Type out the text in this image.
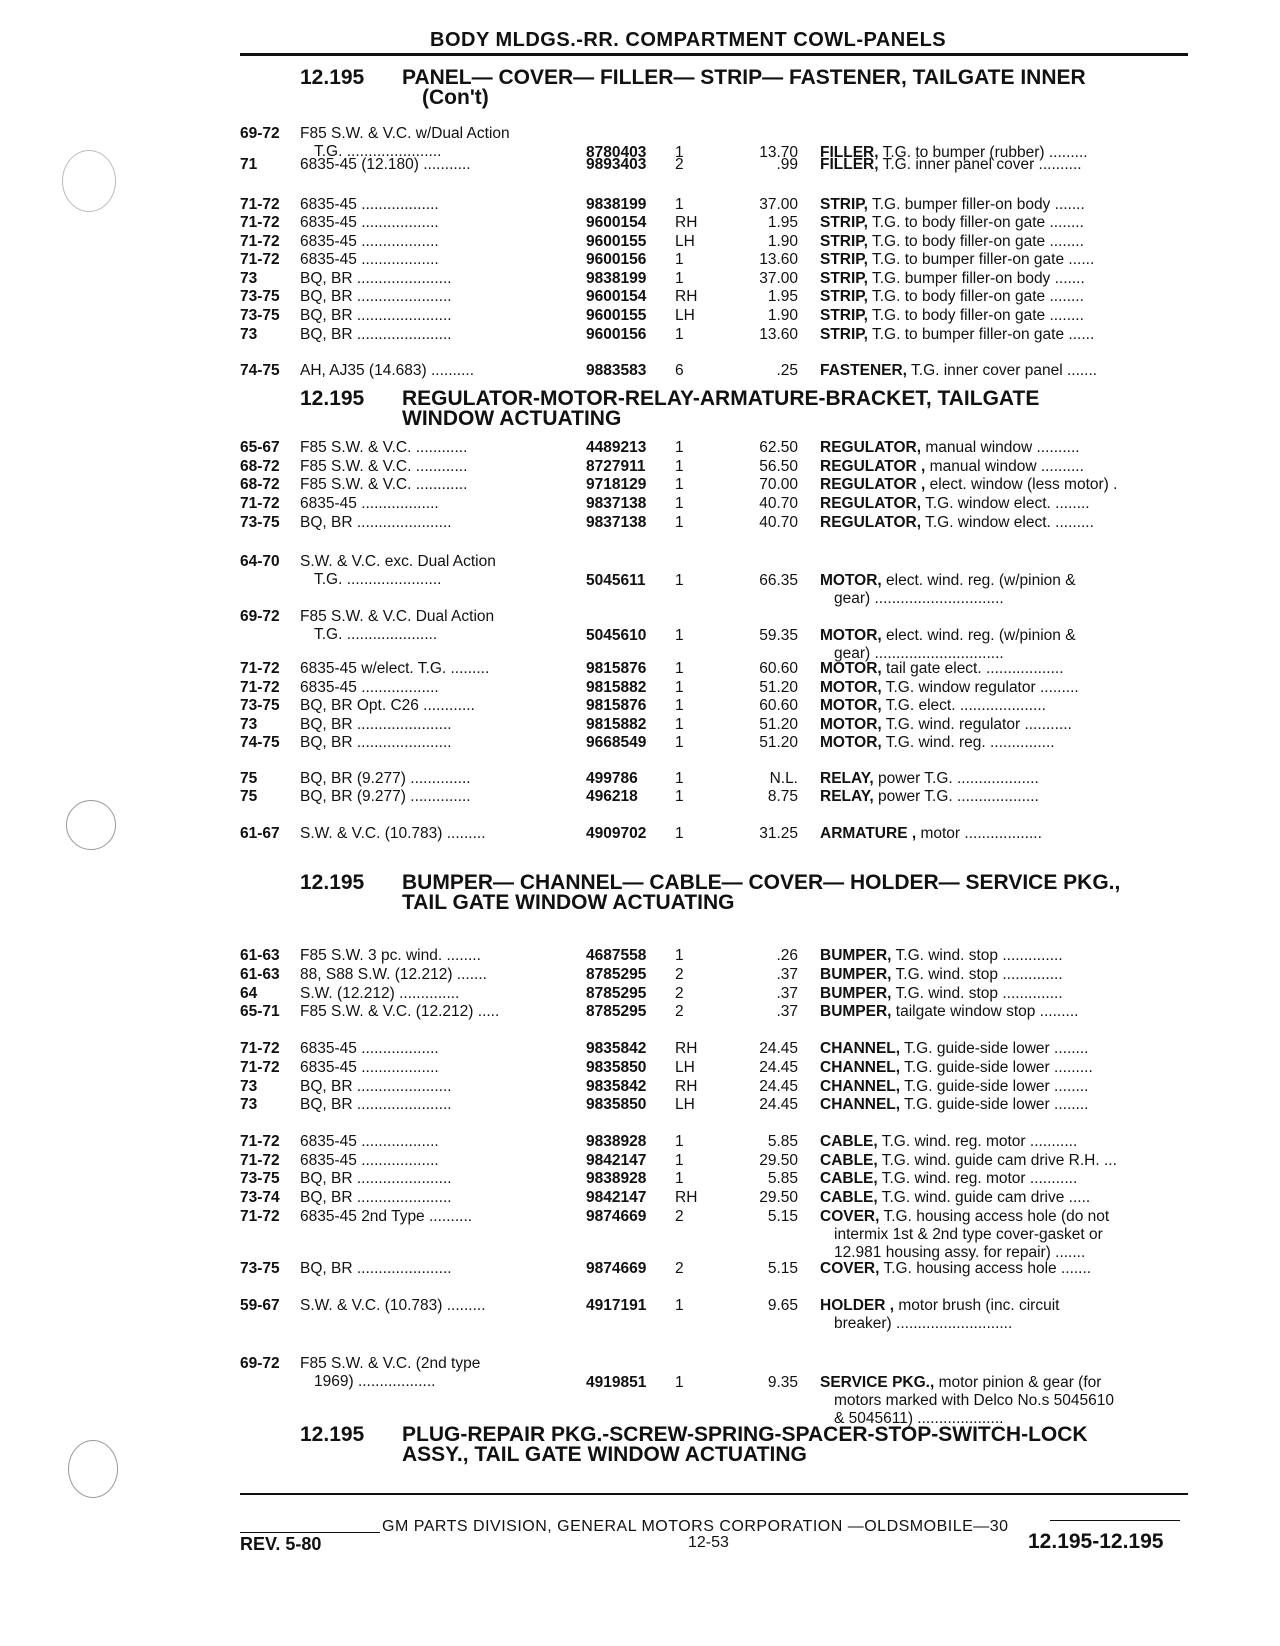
BODY MLDGS.-RR. COMPARTMENT COWL-PANELS
12.195 PANEL— COVER— FILLER— STRIP— FASTENER, TAILGATE INNER
(Con't)
12.195 REGULATOR-MOTOR-RELAY-ARMATURE-BRACKET, TAILGATE
WINDOW ACTUATING
12.195 BUMPER— CHANNEL— CABLE— COVER— HOLDER— SERVICE PKG.,
TAIL GATE WINDOW ACTUATING
12.195 PLUG-REPAIR PKG.-SCREW-SPRING-SPACER-STOP-SWITCH-LOCK
ASSY., TAIL GATE WINDOW ACTUATING
69-72 F85 S.W. & V.C. w/Dual Action
T.G. ......................	8780403 1	13.70 FILLER, T.G. to bumper (rubber) .........
71	6835-45 (12.180) ...........	9893403 2	.99 FILLER, T.G. inner panel cover ..........
71-72 6835-45 ..................	9838199 1	37.00 STRIP, T.G. bumper filler-on body .......
71-72 6835-45 ..................	9600154 RH	1.95 STRIP, T.G. to body filler-on gate ........
71-72 6835-45 ..................	9600155 LH	1.90 STRIP, T.G. to body filler-on gate ........
71-72 6835-45 ..................	9600156 1	13.60 STRIP, T.G. to bumper filler-on gate ......
73	BQ, BR ......................	9838199 1	37.00 STRIP, T.G. bumper filler-on body .......
73-75 BQ, BR ......................	9600154 RH	1.95 STRIP, T.G. to body filler-on gate ........
73-75 BQ, BR ......................	9600155 LH	1.90 STRIP, T.G. to body filler-on gate ........
73	BQ, BR ......................	9600156 1	13.60 STRIP, T.G. to bumper filler-on gate ......
74-75 AH, AJ35 (14.683) ..........	9883583 6	.25 FASTENER, T.G. inner cover panel .......
65-67 F85 S.W. & V.C. ............	4489213 1	62.50 REGULATOR, manual window ..........
68-72 F85 S.W. & V.C. ............	8727911 1	56.50 REGULATOR , manual window ..........
68-72 F85 S.W. & V.C. ............	9718129 1	70.00 REGULATOR , elect. window (less motor) .
71-72 6835-45 ..................	9837138 1	40.70 REGULATOR, T.G. window elect. ........
73-75 BQ, BR ......................	9837138 1	40.70 REGULATOR, T.G. window elect. .........
64-70 S.W. & V.C. exc. Dual Action
T.G. ......................	5045611 1	66.35 MOTOR, elect. wind. reg. (w/pinion &
gear) ..............................
69-72 F85 S.W. & V.C. Dual Action
T.G. .....................	5045610 1	59.35 MOTOR, elect. wind. reg. (w/pinion &
gear) ..............................
71-72 6835-45 w/elect. T.G. .........	9815876 1	60.60 MOTOR, tail gate elect. ..................
71-72 6835-45 ..................	9815882 1	51.20 MOTOR, T.G. window regulator .........
73-75 BQ, BR Opt. C26 ............	9815876 1	60.60 MOTOR, T.G. elect. ....................
73	BQ, BR ......................	9815882 1	51.20 MOTOR, T.G. wind. regulator ...........
74-75 BQ, BR ......................	9668549 1	51.20 MOTOR, T.G. wind. reg. ...............
75	BQ, BR (9.277) ..............	499786 1	N.L. RELAY, power T.G. ...................
75	BQ, BR (9.277) ..............	496218 1	8.75 RELAY, power T.G. ...................
61-67 S.W. & V.C. (10.783) .........	4909702 1	31.25 ARMATURE , motor ..................
61-63 F85 S.W. 3 pc. wind. ........	4687558 1	.26 BUMPER, T.G. wind. stop ..............
61-63 88, S88 S.W. (12.212) .......	8785295 2	.37 BUMPER, T.G. wind. stop ..............
64	S.W. (12.212) ..............	8785295 2	.37 BUMPER, T.G. wind. stop ..............
65-71 F85 S.W. & V.C. (12.212) .....	8785295 2	.37 BUMPER, tailgate window stop .........
71-72 6835-45 ..................	9835842 RH	24.45 CHANNEL, T.G. guide-side lower ........
71-72 6835-45 ..................	9835850 LH	24.45 CHANNEL, T.G. guide-side lower .........
73	BQ, BR ......................	9835842 RH	24.45 CHANNEL, T.G. guide-side lower ........
73	BQ, BR ......................	9835850 LH	24.45 CHANNEL, T.G. guide-side lower ........
71-72 6835-45 ..................	9838928 1	5.85 CABLE, T.G. wind. reg. motor ...........
71-72 6835-45 ..................	9842147 1	29.50 CABLE, T.G. wind. guide cam drive R.H. ...
73-75 BQ, BR ......................	9838928 1	5.85 CABLE, T.G. wind. reg. motor ...........
73-74 BQ, BR ......................	9842147 RH	29.50 CABLE, T.G. wind. guide cam drive .....
71-72 6835-45 2nd Type ..........	9874669 2	5.15 COVER, T.G. housing access hole (do not
intermix 1st & 2nd type cover-gasket or
12.981 housing assy. for repair) .......
73-75 BQ, BR ......................	9874669 2	5.15 COVER, T.G. housing access hole .......
59-67 S.W. & V.C. (10.783) .........	4917191 1	9.65 HOLDER , motor brush (inc. circuit
breaker) ...........................
69-72 F85 S.W. & V.C. (2nd type
1969) ..................	4919851 1	9.35 SERVICE PKG., motor pinion & gear (for
motors marked with Delco No.s 5045610
& 5045611) ....................
GM PARTS DIVISION, GENERAL MOTORS CORPORATION —OLDSMOBILE—30
REV. 5-80	12-53	12.195-12.195
